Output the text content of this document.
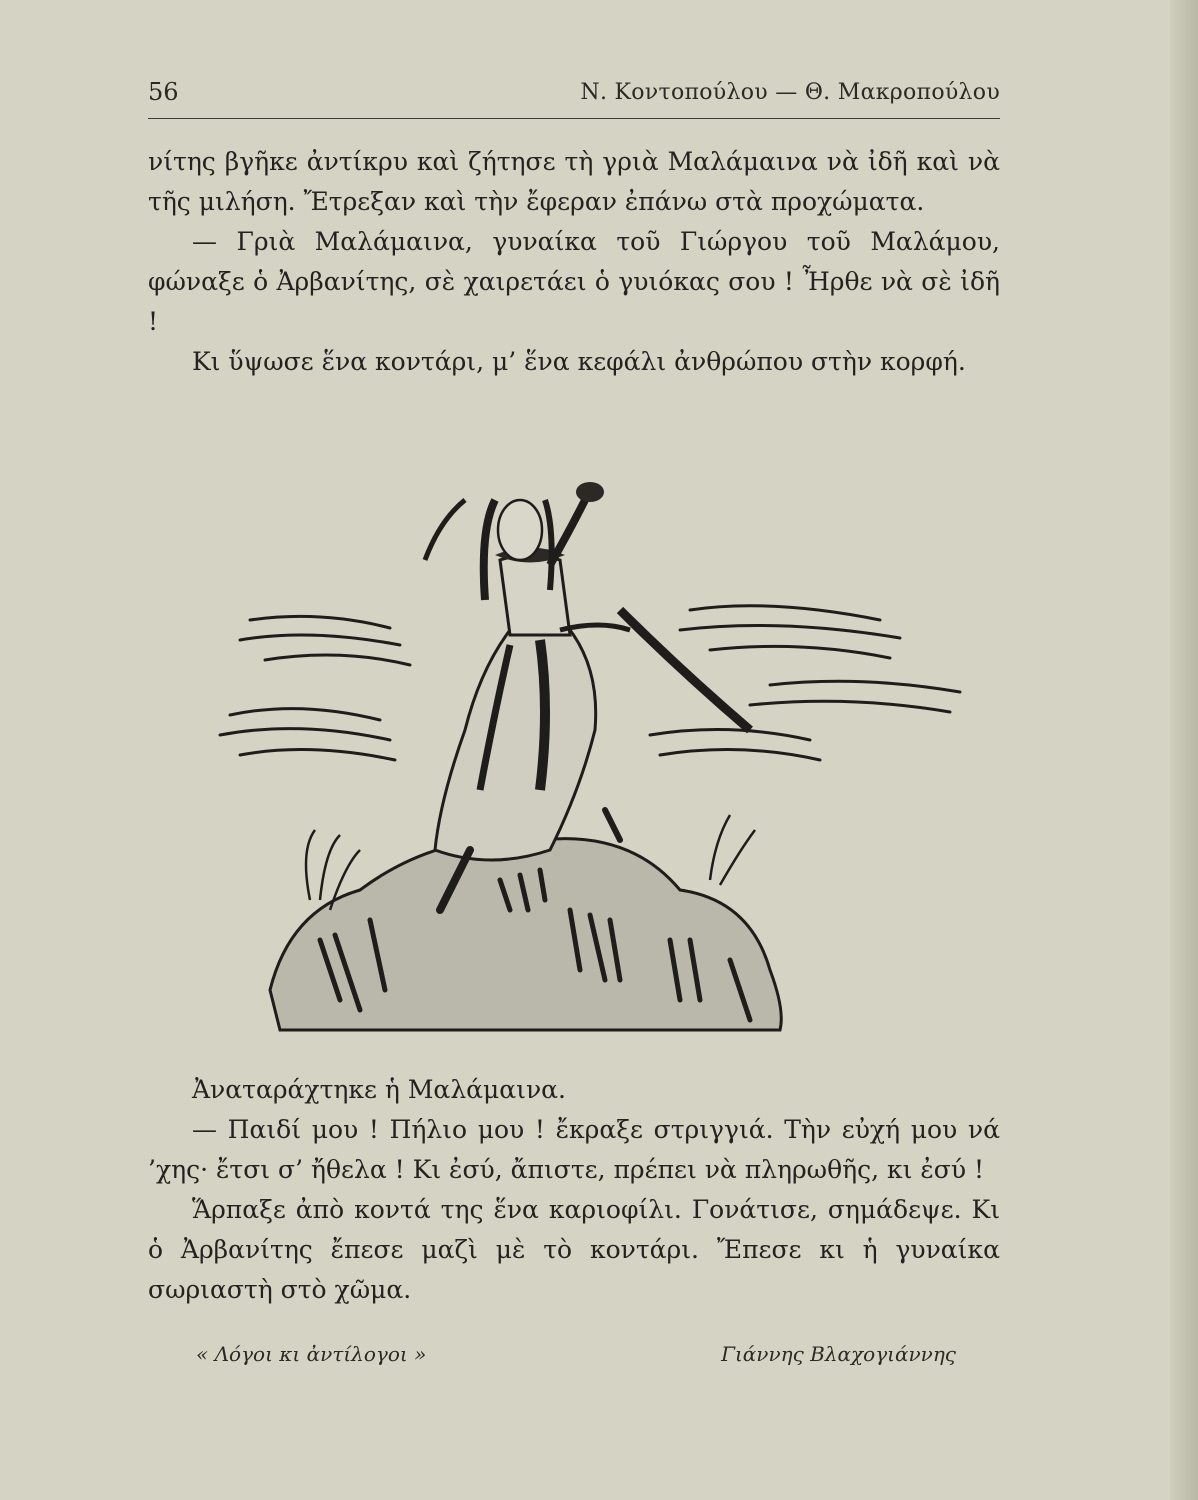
56	Ν. Κοντοπούλου — Θ. Μακροπούλου

νίτης βγῆκε ἀντίκρυ καὶ ζήτησε τὴ γριὰ Μαλάμαινα νὰ ἰδῆ καὶ νὰ τῆς μιλήση. Ἔτρεξαν καὶ τὴν ἔφεραν ἐπάνω στὰ προχώματα.

— Γριὰ Μαλάμαινα, γυναίκα τοῦ Γιώργου τοῦ Μαλάμου, φώναξε ὁ Ἀρβανίτης, σὲ χαιρετάει ὁ γυιόκας σου ! Ἦρθε νὰ σὲ ἰδῆ !

Κι ὕψωσε ἕνα κοντάρι, μ’ ἕνα κεφάλι ἀνθρώπου στὴν κορφή.

Ἀναταράχτηκε ἡ Μαλάμαινα.

— Παιδί μου ! Πήλιο μου ! ἔκραξε στριγγιά. Τὴν εὐχή μου νά ’χης· ἔτσι σ’ ἤθελα ! Κι ἐσύ, ἄπιστε, πρέπει νὰ πληρωθῆς, κι ἐσύ !

Ἅρπαξε ἀπὸ κοντά της ἕνα καριοφίλι. Γονάτισε, σημάδεψε. Κι ὁ Ἀρβανίτης ἔπεσε μαζὶ μὲ τὸ κοντάρι. Ἔπεσε κι ἡ γυναίκα σωριαστὴ στὸ χῶμα.

« Λόγοι κι ἀντίλογοι »	Γιάννης Βλαχογιάννης
